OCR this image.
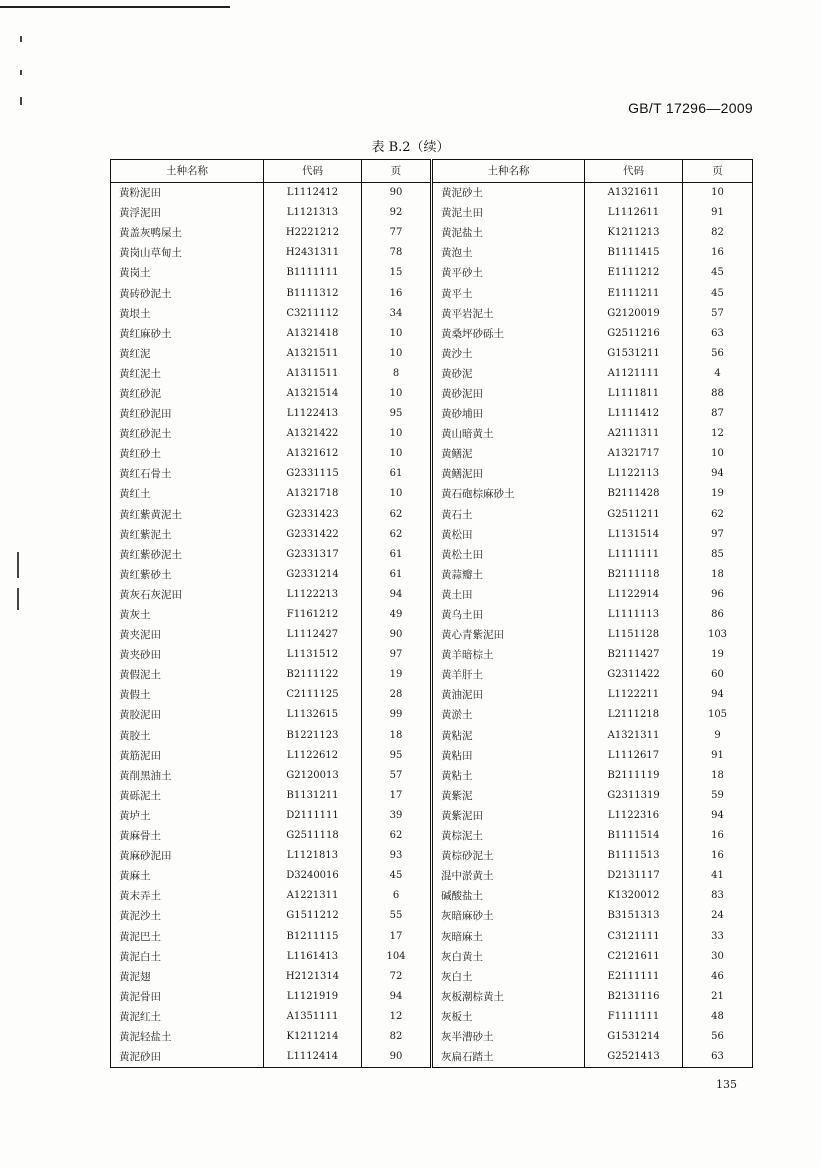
GB/T 17296—2009
表 B.2（续）
土种名称	代码	页	土种名称	代码	页
黄粉泥田	L1112412	90	黄泥砂土	A1321611	10
黄浮泥田	L1121313	92	黄泥土田	L1112611	91
黄盖灰鸭屎土	H2221212	77	黄泥盐土	K1211213	82
黄岗山草甸土	H2431311	78	黄泡土	B1111415	16
黄岗土	B1111111	15	黄平砂土	E1111212	45
黄砖砂泥土	B1111312	16	黄平土	E1111211	45
黄垠土	C3211112	34	黄平岩泥土	G2120019	57
黄红麻砂土	A1321418	10	黄桑坪砂砾土	G2511216	63
黄红泥	A1321511	10	黄沙土	G1531211	56
黄红泥土	A1311511	8	黄砂泥	A1121111	4
黄红砂泥	A1321514	10	黄砂泥田	L1111811	88
黄红砂泥田	L1122413	95	黄砂埔田	L1111412	87
黄红砂泥土	A1321422	10	黄山暗黄土	A2111311	12
黄红砂土	A1321612	10	黄鳝泥	A1321717	10
黄红石骨土	G2331115	61	黄鳝泥田	L1122113	94
黄红土	A1321718	10	黄石砲棕麻砂土	B2111428	19
黄红紫黄泥土	G2331423	62	黄石土	G2511211	62
黄红紫泥土	G2331422	62	黄松田	L1131514	97
黄红紫砂泥土	G2331317	61	黄松土田	L1111111	85
黄红紫砂土	G2331214	61	黄蒜瓣土	B2111118	18
黄灰石灰泥田	L1122213	94	黄土田	L1122914	96
黄灰土	F1161212	49	黄乌土田	L1111113	86
黄夹泥田	L1112427	90	黄心青紫泥田	L1151128	103
黄夹砂田	L1131512	97	黄羊暗棕土	B2111427	19
黄假泥土	B2111122	19	黄羊肝土	G2311422	60
黄假土	C2111125	28	黄油泥田	L1122211	94
黄胶泥田	L1132615	99	黄淤土	L2111218	105
黄胶土	B1221123	18	黄粘泥	A1321311	9
黄筋泥田	L1122612	95	黄粘田	L1112617	91
黄削黑油土	G2120013	57	黄粘土	B2111119	18
黄砾泥土	B1131211	17	黄紫泥	G2311319	59
黄垆土	D2111111	39	黄紫泥田	L1122316	94
黄麻骨土	G2511118	62	黄棕泥土	B1111514	16
黄麻砂泥田	L1121813	93	黄棕砂泥土	B1111513	16
黄麻土	D3240016	45	混中淤黄土	D2131117	41
黄末弄土	A1221311	6	碱酸盐土	K1320012	83
黄泥沙土	G1511212	55	灰暗麻砂土	B3151313	24
黄泥巴土	B1211115	17	灰暗麻土	C3121111	33
黄泥白土	L1161413	104	灰白黄土	C2121611	30
黄泥翅	H2121314	72	灰白土	E2111111	46
黄泥骨田	L1121919	94	灰板潮棕黄土	B2131116	21
黄泥红土	A1351111	12	灰板土	F1111111	48
黄泥轻盐土	K1211214	82	灰半漕砂土	G1531214	56
黄泥砂田	L1112414	90	灰扁石踏土	G2521413	63
135
